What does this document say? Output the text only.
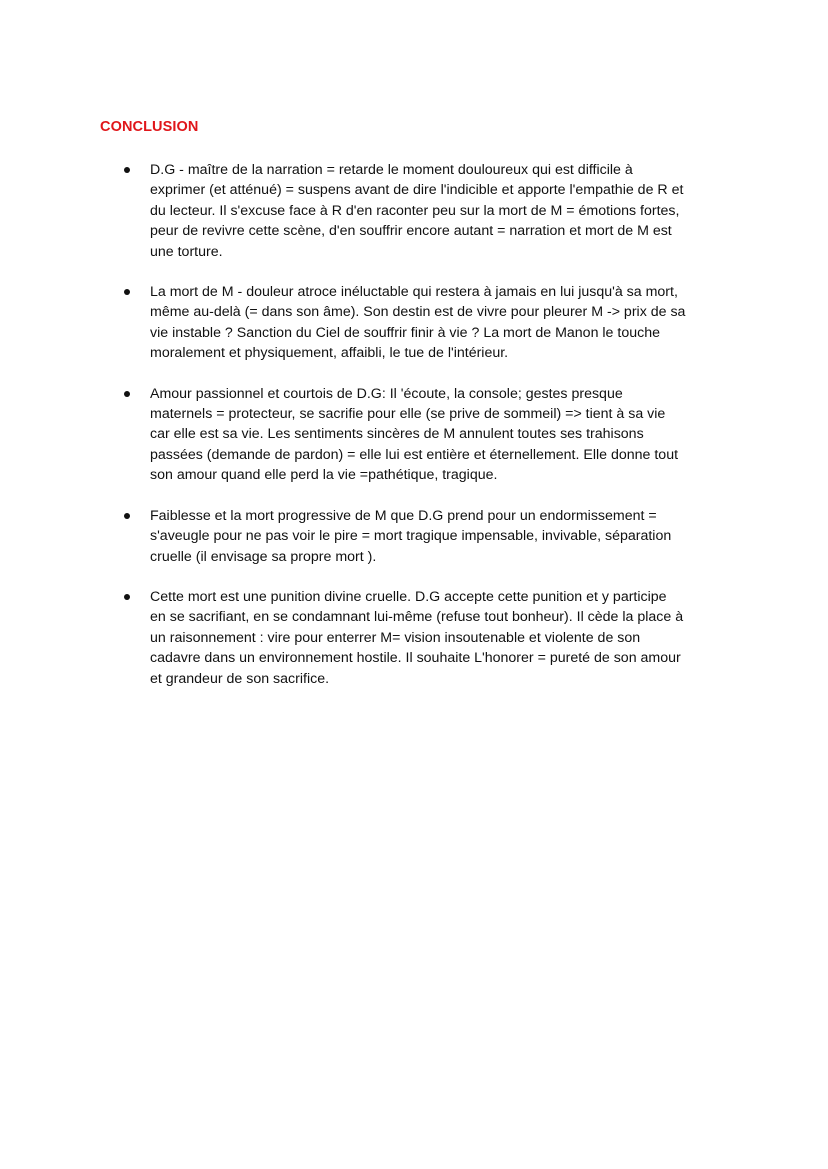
CONCLUSION
D.G - maître de la narration = retarde le moment douloureux qui est difficile à
exprimer (et atténué) = suspens avant de dire l'indicible et apporte l'empathie de R et
du lecteur. Il s'excuse face à R d'en raconter peu sur la mort de M = émotions fortes,
peur de revivre cette scène, d'en souffrir encore autant = narration et mort de M est
une torture.
La mort de M - douleur atroce inéluctable qui restera à jamais en lui jusqu'à sa mort,
même au-delà (= dans son âme). Son destin est de vivre pour pleurer M -> prix de sa
vie instable ? Sanction du Ciel de souffrir finir à vie ? La mort de Manon le touche
moralement et physiquement, affaibli, le tue de l'intérieur.
Amour passionnel et courtois de D.G: Il 'écoute, la console; gestes presque
maternels = protecteur, se sacrifie pour elle (se prive de sommeil) => tient à sa vie
car elle est sa vie. Les sentiments sincères de M annulent toutes ses trahisons
passées (demande de pardon) = elle lui est entière et éternellement. Elle donne tout
son amour quand elle perd la vie =pathétique, tragique.
Faiblesse et la mort progressive de M que D.G prend pour un endormissement =
s'aveugle pour ne pas voir le pire = mort tragique impensable, invivable, séparation
cruelle (il envisage sa propre mort ).
Cette mort est une punition divine cruelle. D.G accepte cette punition et y participe
en se sacrifiant, en se condamnant lui-même (refuse tout bonheur). Il cède la place à
un raisonnement : vire pour enterrer M= vision insoutenable et violente de son
cadavre dans un environnement hostile. Il souhaite L'honorer = pureté de son amour
et grandeur de son sacrifice.
